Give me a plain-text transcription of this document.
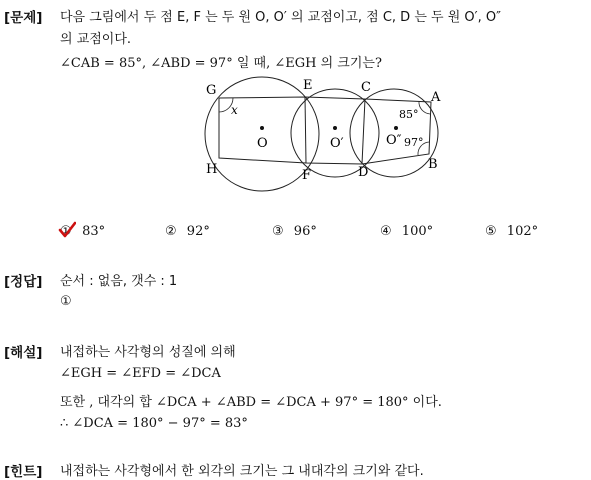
[문제] 다음 그림에서 두 점 E, F 는 두 원 O, O′ 의 교점이고, 점 C, D 는 두 원 O′, O″
의 교점이다.
∠CAB = 85°, ∠ABD = 97° 일 때, ∠EGH 의 크기는?
G	E	C
A
H	F	D
B
O	O′	O″
x	85°
97°
① 83°	② 92°	③ 96°	④ 100°	⑤ 102°
[정답] 순서 : 없음, 갯수 : 1
①
[해설] 내접하는 사각형의 성질에 의해
∠EGH = ∠EFD = ∠DCA
또한 , 대각의 합 ∠DCA + ∠ABD = ∠DCA + 97° = 180° 이다.
∴ ∠DCA = 180° − 97° = 83°
[힌트] 내접하는 사각형에서 한 외각의 크기는 그 내대각의 크기와 같다.
